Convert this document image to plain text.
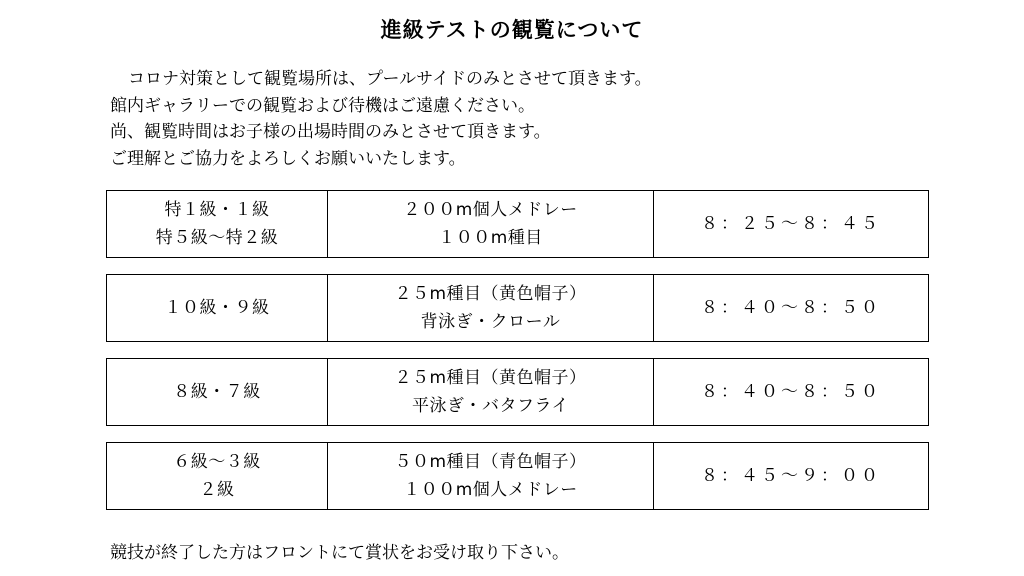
進級テストの観覧について
コロナ対策として観覧場所は、プールサイドのみとさせて頂きます。
館内ギャラリーでの観覧および待機はご遠慮ください。
尚、観覧時間はお子様の出場時間のみとさせて頂きます。
ご理解とご協力をよろしくお願いいたします。
特１級・１級
特５級～特２級
２００m個人メドレー
１００m種目
８：２５～８：４５
１０級・９級
２５m種目（黄色帽子）
背泳ぎ・クロール
８：４０～８：５０
８級・７級
２５m種目（黄色帽子）
平泳ぎ・バタフライ
８：４０～８：５０
６級～３級
２級
５０m種目（青色帽子）
１００m個人メドレー
８：４５～９：００
競技が終了した方はフロントにて賞状をお受け取り下さい。
